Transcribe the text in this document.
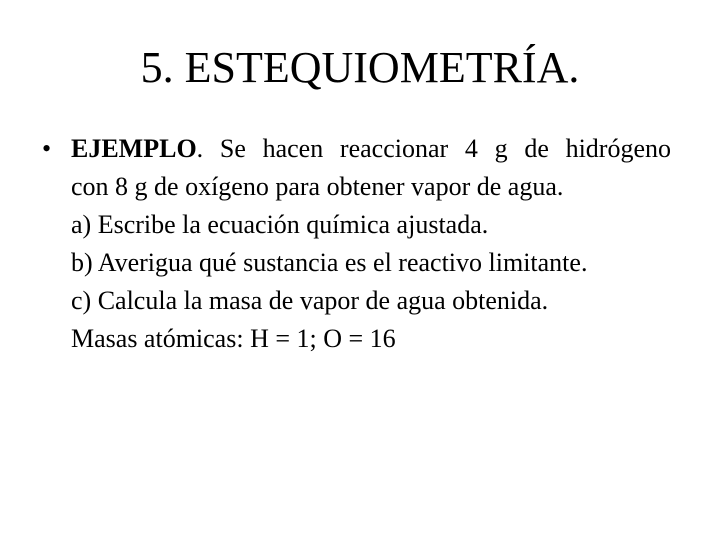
5. ESTEQUIOMETRÍA.
• EJEMPLO. Se hacen reaccionar 4 g de hidrógeno
con 8 g de oxígeno para obtener vapor de agua.
a) Escribe la ecuación química ajustada.
b) Averigua qué sustancia es el reactivo limitante.
c) Calcula la masa de vapor de agua obtenida.
Masas atómicas: H = 1; O = 16
